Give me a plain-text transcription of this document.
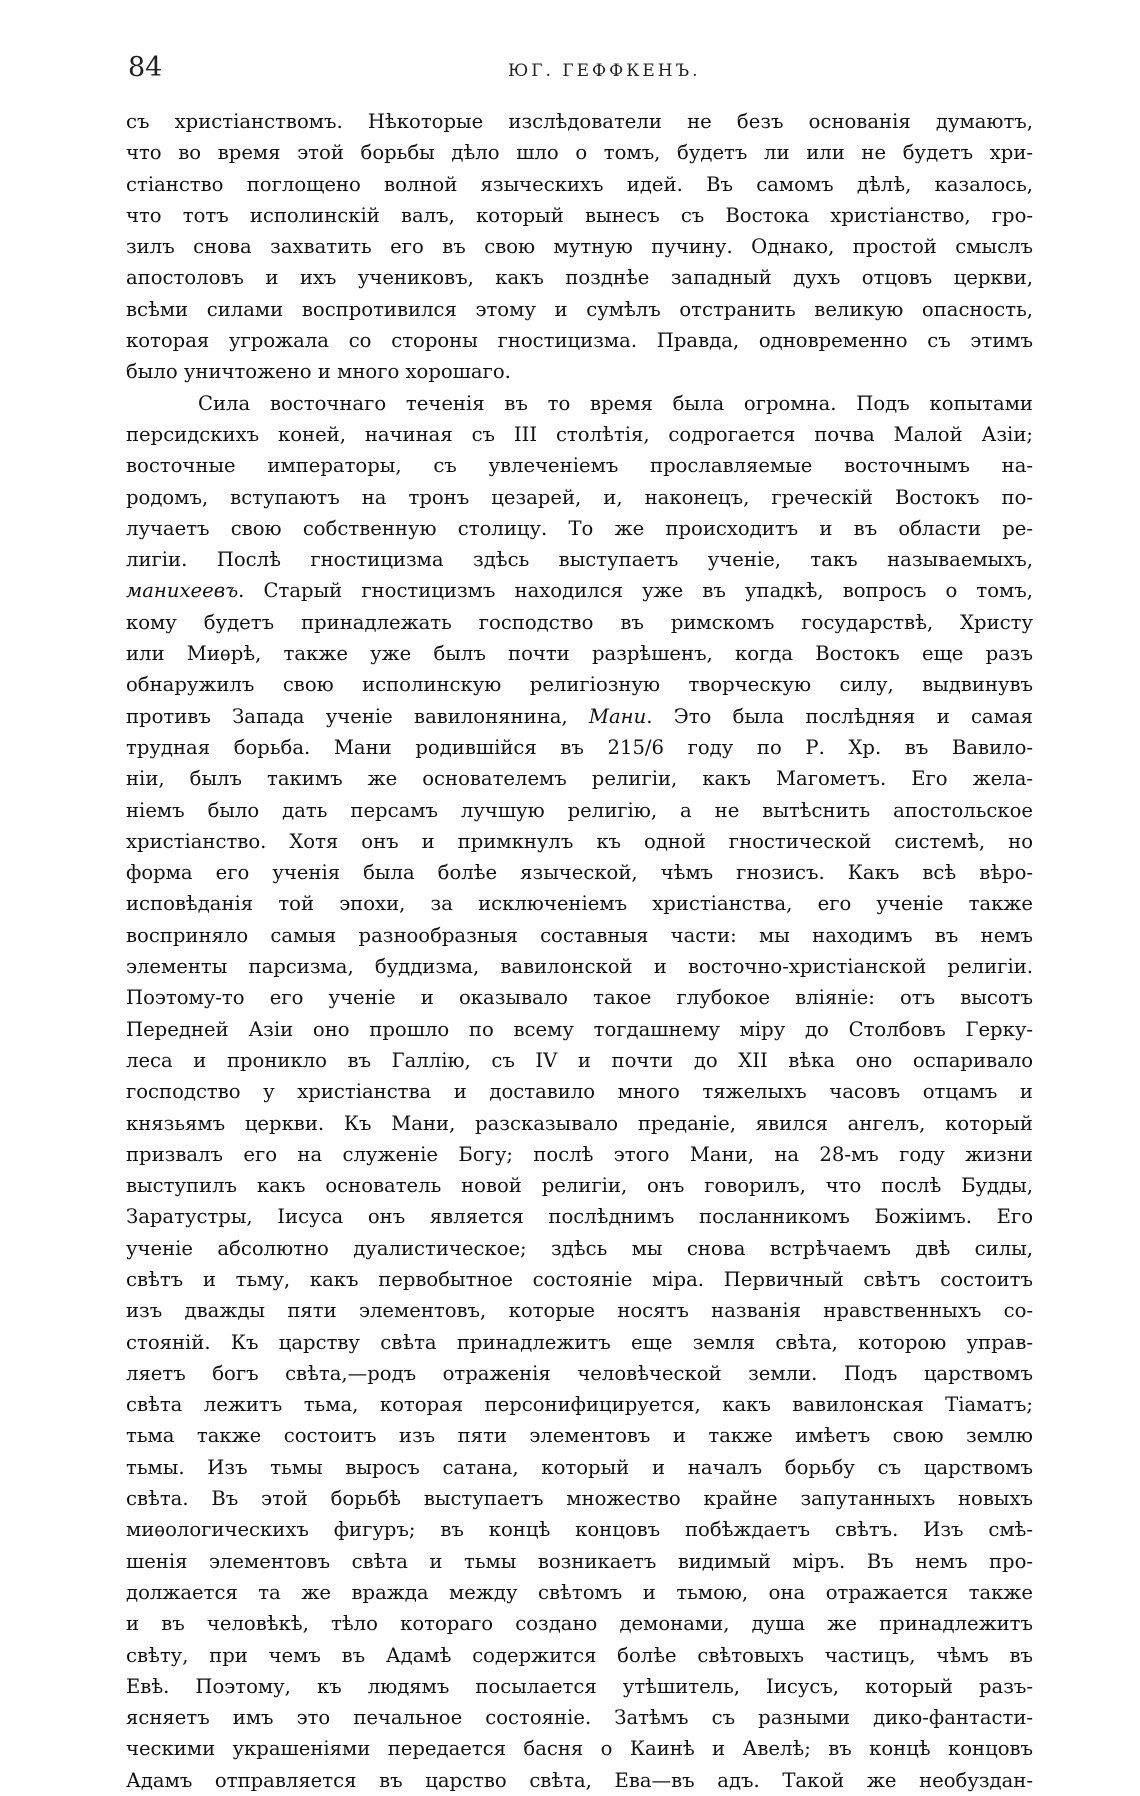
84	ЮГ. ГЕФФКЕНЪ.
съ христіанствомъ. Нѣкоторые изслѣдователи не безъ основанія думаютъ,
что во время этой борьбы дѣло шло о томъ, будетъ ли или не будетъ хри-
стіанство поглощено волной языческихъ идей. Въ самомъ дѣлѣ, казалось,
что тотъ исполинскій валъ, который вынесъ съ Востока христіанство, гро-
зилъ снова захватить его въ свою мутную пучину. Однако, простой смыслъ
апостоловъ и ихъ учениковъ, какъ позднѣе западный духъ отцовъ церкви,
всѣми силами воспротивился этому и сумѣлъ отстранить великую опасность,
которая угрожала со стороны гностицизма. Правда, одновременно съ этимъ
было уничтожено и много хорошаго.
Сила восточнаго теченія въ то время была огромна. Подъ копытами
персидскихъ коней, начиная съ III столѣтія, содрогается почва Малой Азіи;
восточные императоры, съ увлеченіемъ прославляемые восточнымъ на-
родомъ, вступаютъ на тронъ цезарей, и, наконецъ, греческій Востокъ по-
лучаетъ свою собственную столицу. То же происходитъ и въ области ре-
лигіи. Послѣ гностицизма здѣсь выступаетъ ученіе, такъ называемыхъ,
манихеевъ. Старый гностицизмъ находился уже въ упадкѣ, вопросъ о томъ,
кому будетъ принадлежать господство въ римскомъ государствѣ, Христу
или Миѳрѣ, также уже былъ почти разрѣшенъ, когда Востокъ еще разъ
обнаружилъ свою исполинскую религіозную творческую силу, выдвинувъ
противъ Запада ученіе вавилонянина, Мани. Это была послѣдняя и самая
трудная борьба. Мани родившійся въ 215/6 году по Р. Хр. въ Вавило-
ніи, былъ такимъ же основателемъ религіи, какъ Магометъ. Его жела-
ніемъ было дать персамъ лучшую религію, а не вытѣснить апостольское
христіанство. Хотя онъ и примкнулъ къ одной гностической системѣ, но
форма его ученія была болѣе языческой, чѣмъ гнозисъ. Какъ всѣ вѣро-
исповѣданія той эпохи, за исключеніемъ христіанства, его ученіе также
восприняло самыя разнообразныя составныя части: мы находимъ въ немъ
элементы парсизма, буддизма, вавилонской и восточно-христіанской религіи.
Поэтому-то его ученіе и оказывало такое глубокое вліяніе: отъ высотъ
Передней Азіи оно прошло по всему тогдашнему міру до Столбовъ Герку-
леса и проникло въ Галлію, съ IV и почти до XII вѣка оно оспаривало
господство у христіанства и доставило много тяжелыхъ часовъ отцамъ и
князьямъ церкви. Къ Мани, разсказывало преданіе, явился ангелъ, который
призвалъ его на служеніе Богу; послѣ этого Мани, на 28-мъ году жизни
выступилъ какъ основатель новой религіи, онъ говорилъ, что послѣ Будды,
Заратустры, Іисуса онъ является послѣднимъ посланникомъ Божіимъ. Его
ученіе абсолютно дуалистическое; здѣсь мы снова встрѣчаемъ двѣ силы,
свѣтъ и тьму, какъ первобытное состояніе міра. Первичный свѣтъ состоитъ
изъ дважды пяти элементовъ, которые носятъ названія нравственныхъ со-
стояній. Къ царству свѣта принадлежитъ еще земля свѣта, которою управ-
ляетъ богъ свѣта,—родъ отраженія человѣческой земли. Подъ царствомъ
свѣта лежитъ тьма, которая персонифицируется, какъ вавилонская Тіаматъ;
тьма также состоитъ изъ пяти элементовъ и также имѣетъ свою землю
тьмы. Изъ тьмы выросъ сатана, который и началъ борьбу съ царствомъ
свѣта. Въ этой борьбѣ выступаетъ множество крайне запутанныхъ новыхъ
миѳологическихъ фигуръ; въ концѣ концовъ побѣждаетъ свѣтъ. Изъ смѣ-
шенія элементовъ свѣта и тьмы возникаетъ видимый міръ. Въ немъ про-
должается та же вражда между свѣтомъ и тьмою, она отражается также
и въ человѣкѣ, тѣло котораго создано демонами, душа же принадлежитъ
свѣту, при чемъ въ Адамѣ содержится болѣе свѣтовыхъ частицъ, чѣмъ въ
Евѣ. Поэтому, къ людямъ посылается утѣшитель, Іисусъ, который разъ-
ясняетъ имъ это печальное состояніе. Затѣмъ съ разными дико-фантасти-
ческими украшеніями передается басня о Каинѣ и Авелѣ; въ концѣ концовъ
Адамъ отправляется въ царство свѣта, Ева—въ адъ. Такой же необуздан-
